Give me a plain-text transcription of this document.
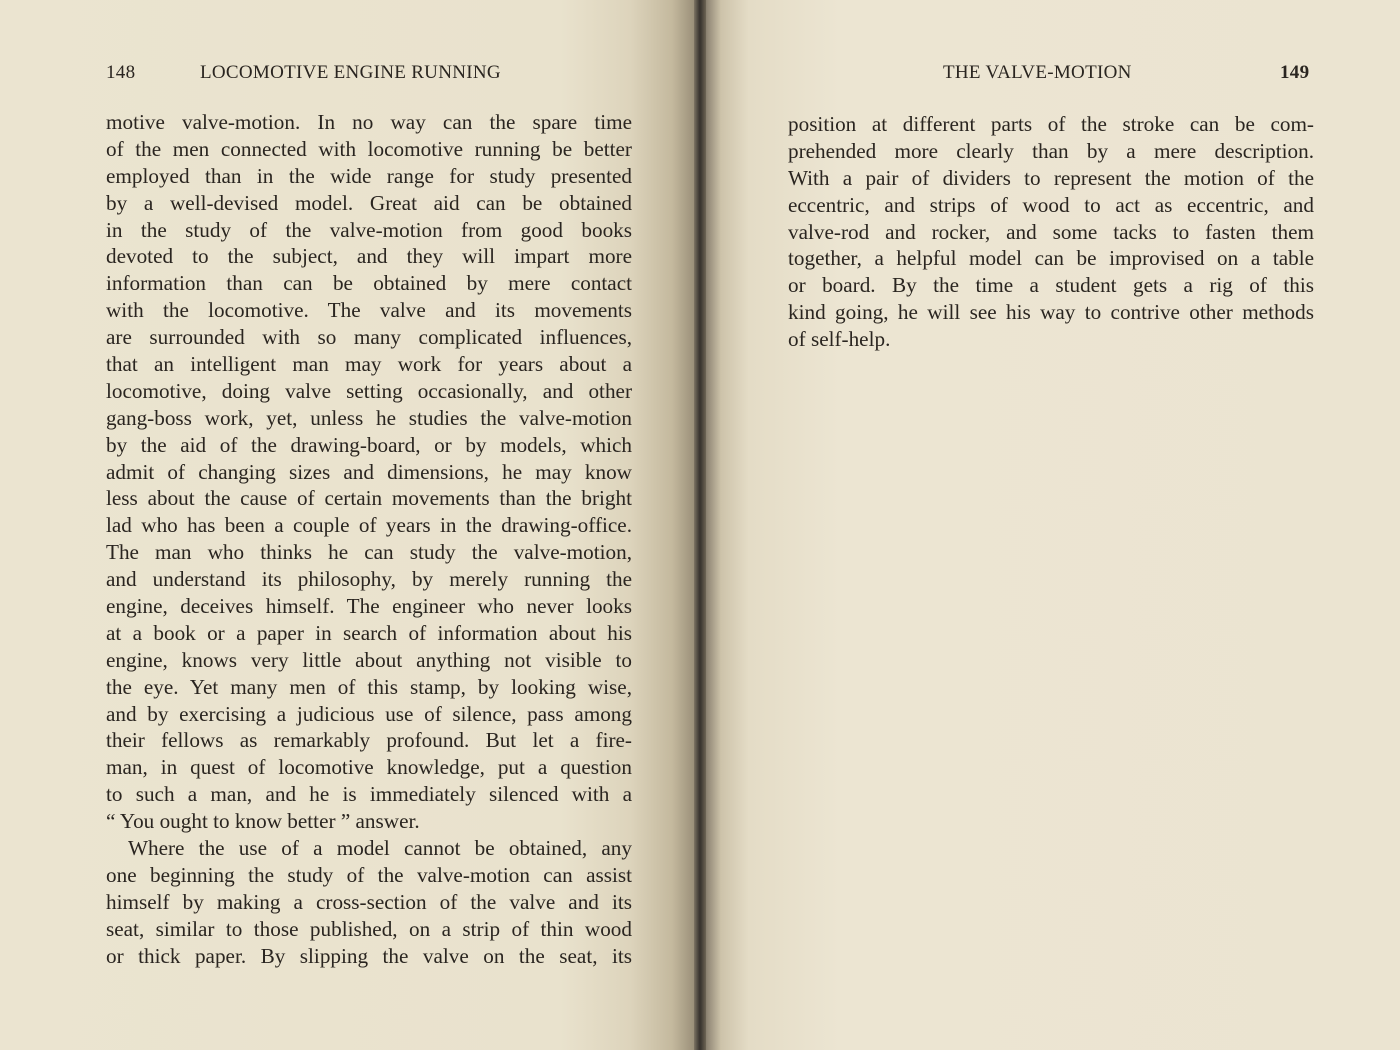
148	LOCOMOTIVE ENGINE RUNNING
motive valve-motion. In no way can the spare time
of the men connected with locomotive running be better
employed than in the wide range for study presented
by a well-devised model. Great aid can be obtained
in the study of the valve-motion from good books
devoted to the subject, and they will impart more
information than can be obtained by mere contact
with the locomotive. The valve and its movements
are surrounded with so many complicated influences,
that an intelligent man may work for years about a
locomotive, doing valve setting occasionally, and other
gang-boss work, yet, unless he studies the valve-motion
by the aid of the drawing-board, or by models, which
admit of changing sizes and dimensions, he may know
less about the cause of certain movements than the bright
lad who has been a couple of years in the drawing-office.
The man who thinks he can study the valve-motion,
and understand its philosophy, by merely running the
engine, deceives himself. The engineer who never looks
at a book or a paper in search of information about his
engine, knows very little about anything not visible to
the eye. Yet many men of this stamp, by looking wise,
and by exercising a judicious use of silence, pass among
their fellows as remarkably profound. But let a fire-
man, in quest of locomotive knowledge, put a question
to such a man, and he is immediately silenced with a
“ You ought to know better ” answer.
Where the use of a model cannot be obtained, any
one beginning the study of the valve-motion can assist
himself by making a cross-section of the valve and its
seat, similar to those published, on a strip of thin wood
or thick paper. By slipping the valve on the seat, its
THE VALVE-MOTION	149
position at different parts of the stroke can be com-
prehended more clearly than by a mere description.
With a pair of dividers to represent the motion of the
eccentric, and strips of wood to act as eccentric, and
valve-rod and rocker, and some tacks to fasten them
together, a helpful model can be improvised on a table
or board. By the time a student gets a rig of this
kind going, he will see his way to contrive other methods
of self-help.
